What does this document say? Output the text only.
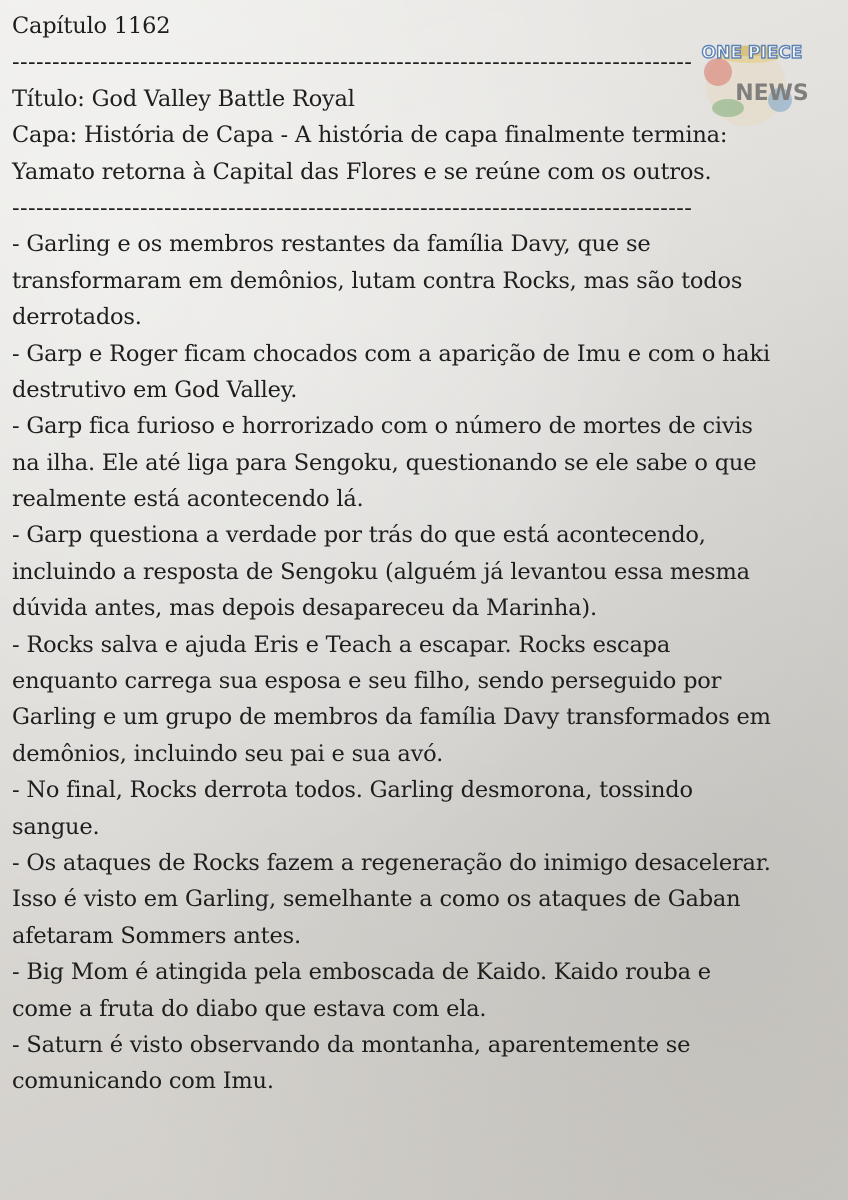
Capítulo 1162
-------------------------------------------------------------------------------------
Título: God Valley Battle Royal
Capa: História de Capa - A história de capa finalmente termina:
Yamato retorna à Capital das Flores e se reúne com os outros.
-------------------------------------------------------------------------------------
- Garling e os membros restantes da família Davy, que se
transformaram em demônios, lutam contra Rocks, mas são todos
derrotados.
- Garp e Roger ficam chocados com a aparição de Imu e com o haki
destrutivo em God Valley.
- Garp fica furioso e horrorizado com o número de mortes de civis
na ilha. Ele até liga para Sengoku, questionando se ele sabe o que
realmente está acontecendo lá.
- Garp questiona a verdade por trás do que está acontecendo,
incluindo a resposta de Sengoku (alguém já levantou essa mesma
dúvida antes, mas depois desapareceu da Marinha).
- Rocks salva e ajuda Eris e Teach a escapar. Rocks escapa
enquanto carrega sua esposa e seu filho, sendo perseguido por
Garling e um grupo de membros da família Davy transformados em
demônios, incluindo seu pai e sua avó.
- No final, Rocks derrota todos. Garling desmorona, tossindo
sangue.
- Os ataques de Rocks fazem a regeneração do inimigo desacelerar.
Isso é visto em Garling, semelhante a como os ataques de Gaban
afetaram Sommers antes.
- Big Mom é atingida pela emboscada de Kaido. Kaido rouba e
come a fruta do diabo que estava com ela.
- Saturn é visto observando da montanha, aparentemente se
comunicando com Imu.
ONE PIECE
NEWS
